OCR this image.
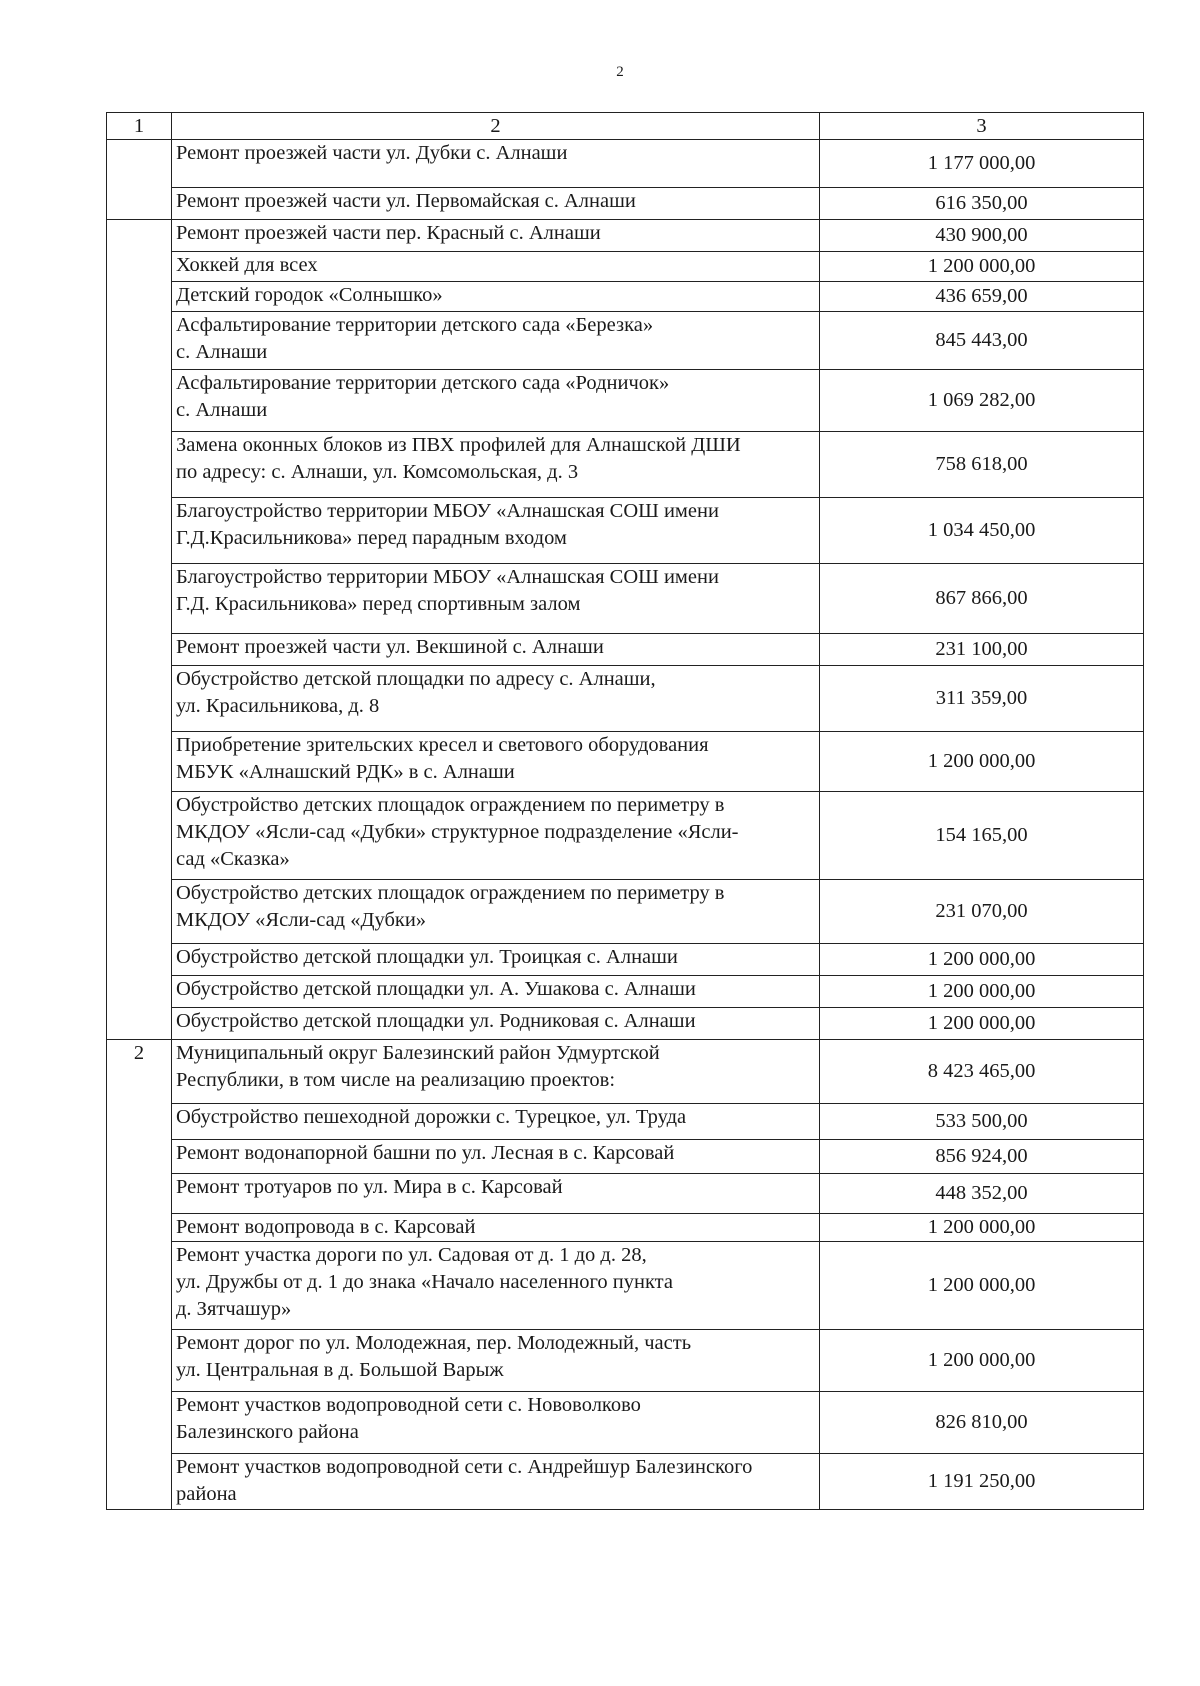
2
1	2	3

	Ремонт проезжей части ул. Дубки с. Алнаши	1 177 000,00

	Ремонт проезжей части ул. Первомайская с. Алнаши	616 350,00

	Ремонт проезжей части пер. Красный с. Алнаши	430 900,00

	Хоккей для всех	1 200 000,00

	Детский городок «Солнышко»	436 659,00

	Асфальтирование территории детского сада «Березка»
с. Алнаши	845 443,00

	Асфальтирование территории детского сада «Родничок»
с. Алнаши	1 069 282,00

	Замена оконных блоков из ПВХ профилей для Алнашской ДШИ
по адресу: с. Алнаши, ул. Комсомольская, д. 3	758 618,00

	Благоустройство территории МБОУ «Алнашская СОШ имени
Г.Д.Красильникова» перед парадным входом	1 034 450,00

	Благоустройство территории МБОУ «Алнашская СОШ имени
Г.Д. Красильникова» перед спортивным залом	867 866,00

	Ремонт проезжей части ул. Векшиной с. Алнаши	231 100,00

	Обустройство детской площадки по адресу с. Алнаши,
ул. Красильникова, д. 8	311 359,00

	Приобретение зрительских кресел и светового оборудования
МБУК «Алнашский РДК» в с. Алнаши	1 200 000,00

	Обустройство детских площадок ограждением по периметру в
МКДОУ «Ясли-сад «Дубки» структурное подразделение «Ясли-
сад «Сказка»	154 165,00

	Обустройство детских площадок ограждением по периметру в
МКДОУ «Ясли-сад «Дубки»	231 070,00

	Обустройство детской площадки ул. Троицкая с. Алнаши	1 200 000,00

	Обустройство детской площадки ул. А. Ушакова с. Алнаши	1 200 000,00

	Обустройство детской площадки ул. Родниковая с. Алнаши	1 200 000,00
2	Муниципальный округ Балезинский район Удмуртской
Республики, в том числе на реализацию проектов:	8 423 465,00

	Обустройство пешеходной дорожки с. Турецкое, ул. Труда	533 500,00

	Ремонт водонапорной башни по ул. Лесная в с. Карсовай	856 924,00

	Ремонт тротуаров по ул. Мира в с. Карсовай	448 352,00

	Ремонт водопровода в с. Карсовай	1 200 000,00

	Ремонт участка дороги по ул. Садовая от д. 1 до д. 28,
ул. Дружбы от д. 1 до знака «Начало населенного пункта
д. Зятчашур»	1 200 000,00

	Ремонт дорог по ул. Молодежная, пер. Молодежный, часть
ул. Центральная в д. Большой Варыж	1 200 000,00

	Ремонт участков водопроводной сети с. Нововолково
Балезинского района	826 810,00

	Ремонт участков водопроводной сети с. Андрейшур Балезинского
района	1 191 250,00
